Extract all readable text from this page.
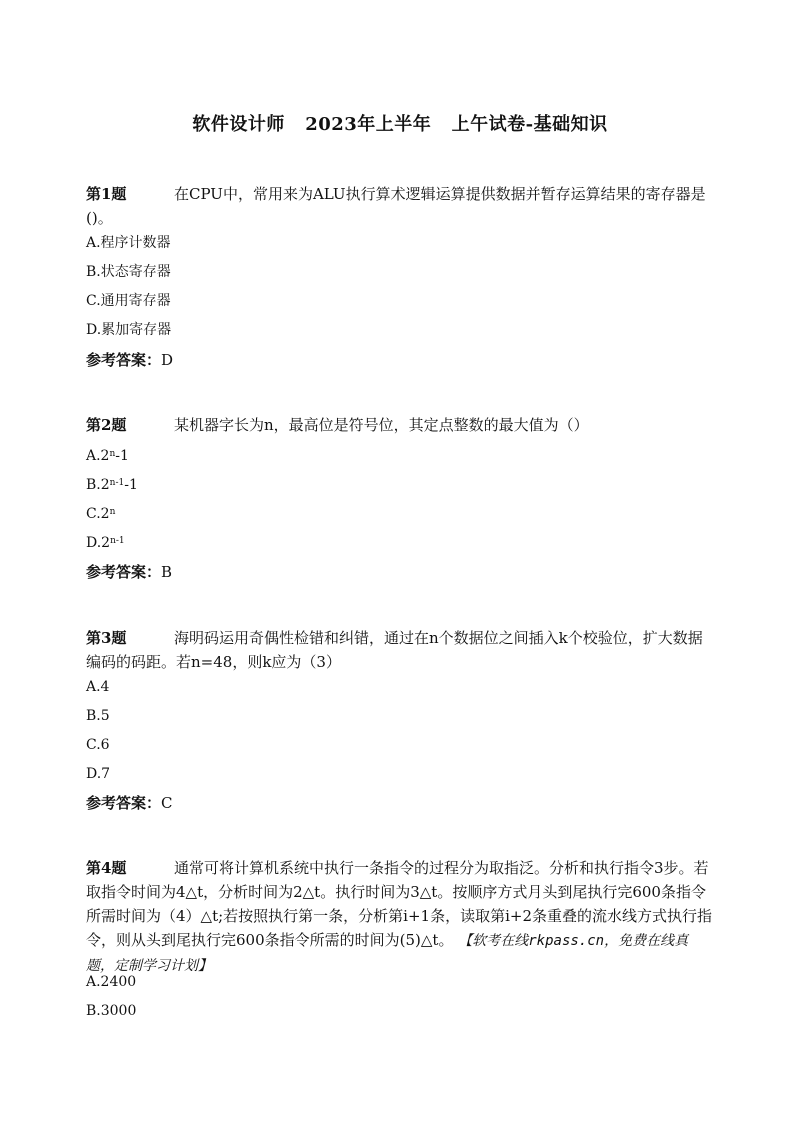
软件设计师   2023年上半年   上午试卷-基础知识
第1题	在CPU中，常用来为ALU执行算术逻辑运算提供数据并暂存运算结果的寄存器是()。
A.程序计数器
B.状态寄存器
C.通用寄存器
D.累加寄存器
参考答案：D
第2题	某机器字长为n，最高位是符号位，其定点整数的最大值为（）
A.2$^n$-1
B.2$^{n-1}$-1
C.2$^n$
D.2$^{n-1}$
参考答案：B
第3题	海明码运用奇偶性检错和纠错，通过在n个数据位之间插入k个校验位，扩大数据编码的码距。若n=48，则k应为（3）
A.4
B.5
C.6
D.7
参考答案：C
第4题	通常可将计算机系统中执行一条指令的过程分为取指泛。分析和执行指令3步。若取指令时间为4△t，分析时间为2△t。执行时间为3△t。按顺序方式月头到尾执行完600条指令所需时间为（4）△t;若按照执行第一条，分析第i+1条，读取第i+2条重叠的流水线方式执行指令，则从头到尾执行完600条指令所需的时间为(5)△t。 【软考在线rkpass.cn，免费在线真题，定制学习计划】
A.2400
B.3000
